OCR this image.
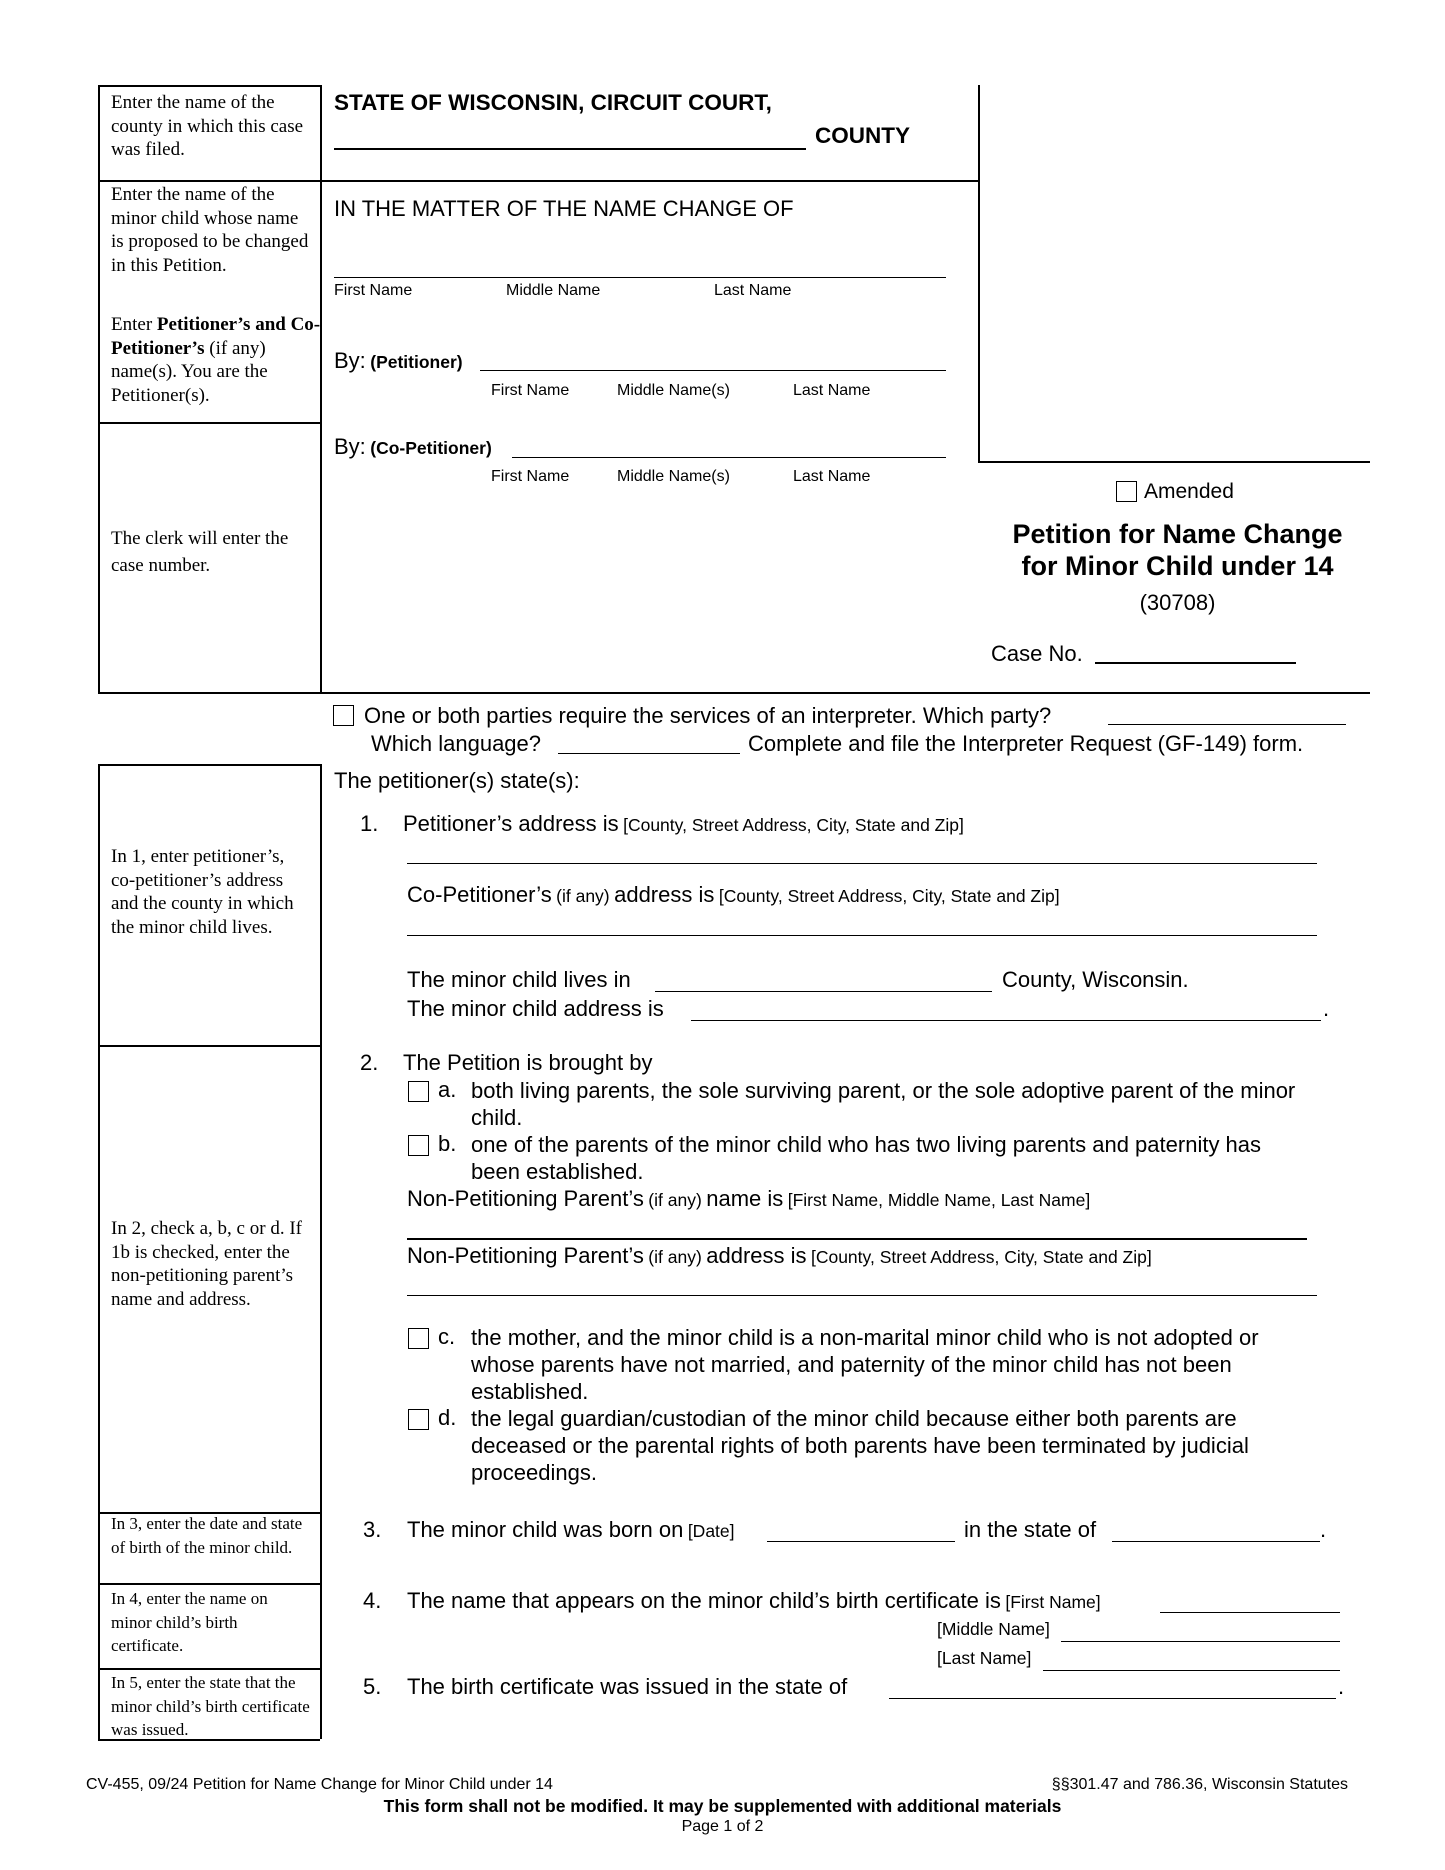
Enter the name of the county in which this case was filed.
Enter the name of the minor child whose name is proposed to be changed in this Petition.
Enter Petitioner’s and Co-Petitioner’s (if any) name(s). You are the Petitioner(s).
The clerk will enter the case number.
STATE OF WISCONSIN, CIRCUIT COURT,
COUNTY
IN THE MATTER OF THE NAME CHANGE OF
First Name	Middle Name	Last Name
By: (Petitioner)
First Name	Middle Name(s)	Last Name
By: (Co-Petitioner)
First Name	Middle Name(s)	Last Name
Amended
Petition for Name Change
for Minor Child under 14
(30708)
Case No.
One or both parties require the services of an interpreter. Which party?
Which language?	Complete and file the Interpreter Request (GF-149) form.
In 1, enter petitioner’s, co-petitioner’s address and the county in which the minor child lives.
In 2, check a, b, c or d. If 1b is checked, enter the non-petitioning parent’s name and address.
In 3, enter the date and state of birth of the minor child.
In 4, enter the name on minor child’s birth certificate.
In 5, enter the state that the minor child’s birth certificate was issued.
The petitioner(s) state(s):
1. Petitioner’s address is [County, Street Address, City, State and Zip]
Co-Petitioner’s (if any) address is [County, Street Address, City, State and Zip]
The minor child lives in	County, Wisconsin.
The minor child address is	.
2. The Petition is brought by
a. both living parents, the sole surviving parent, or the sole adoptive parent of the minor
child.
b. one of the parents of the minor child who has two living parents and paternity has
been established.
Non-Petitioning Parent’s (if any) name is [First Name, Middle Name, Last Name]
Non-Petitioning Parent’s (if any) address is [County, Street Address, City, State and Zip]
c. the mother, and the minor child is a non-marital minor child who is not adopted or
whose parents have not married, and paternity of the minor child has not been
established.
d. the legal guardian/custodian of the minor child because either both parents are
deceased or the parental rights of both parents have been terminated by judicial
proceedings.
3. The minor child was born on [Date]	in the state of	.
4. The name that appears on the minor child’s birth certificate is [First Name]
[Middle Name]
[Last Name]
5. The birth certificate was issued in the state of	.
CV-455, 09/24 Petition for Name Change for Minor Child under 14	§§301.47 and 786.36, Wisconsin Statutes
This form shall not be modified. It may be supplemented with additional materials
Page 1 of 2
